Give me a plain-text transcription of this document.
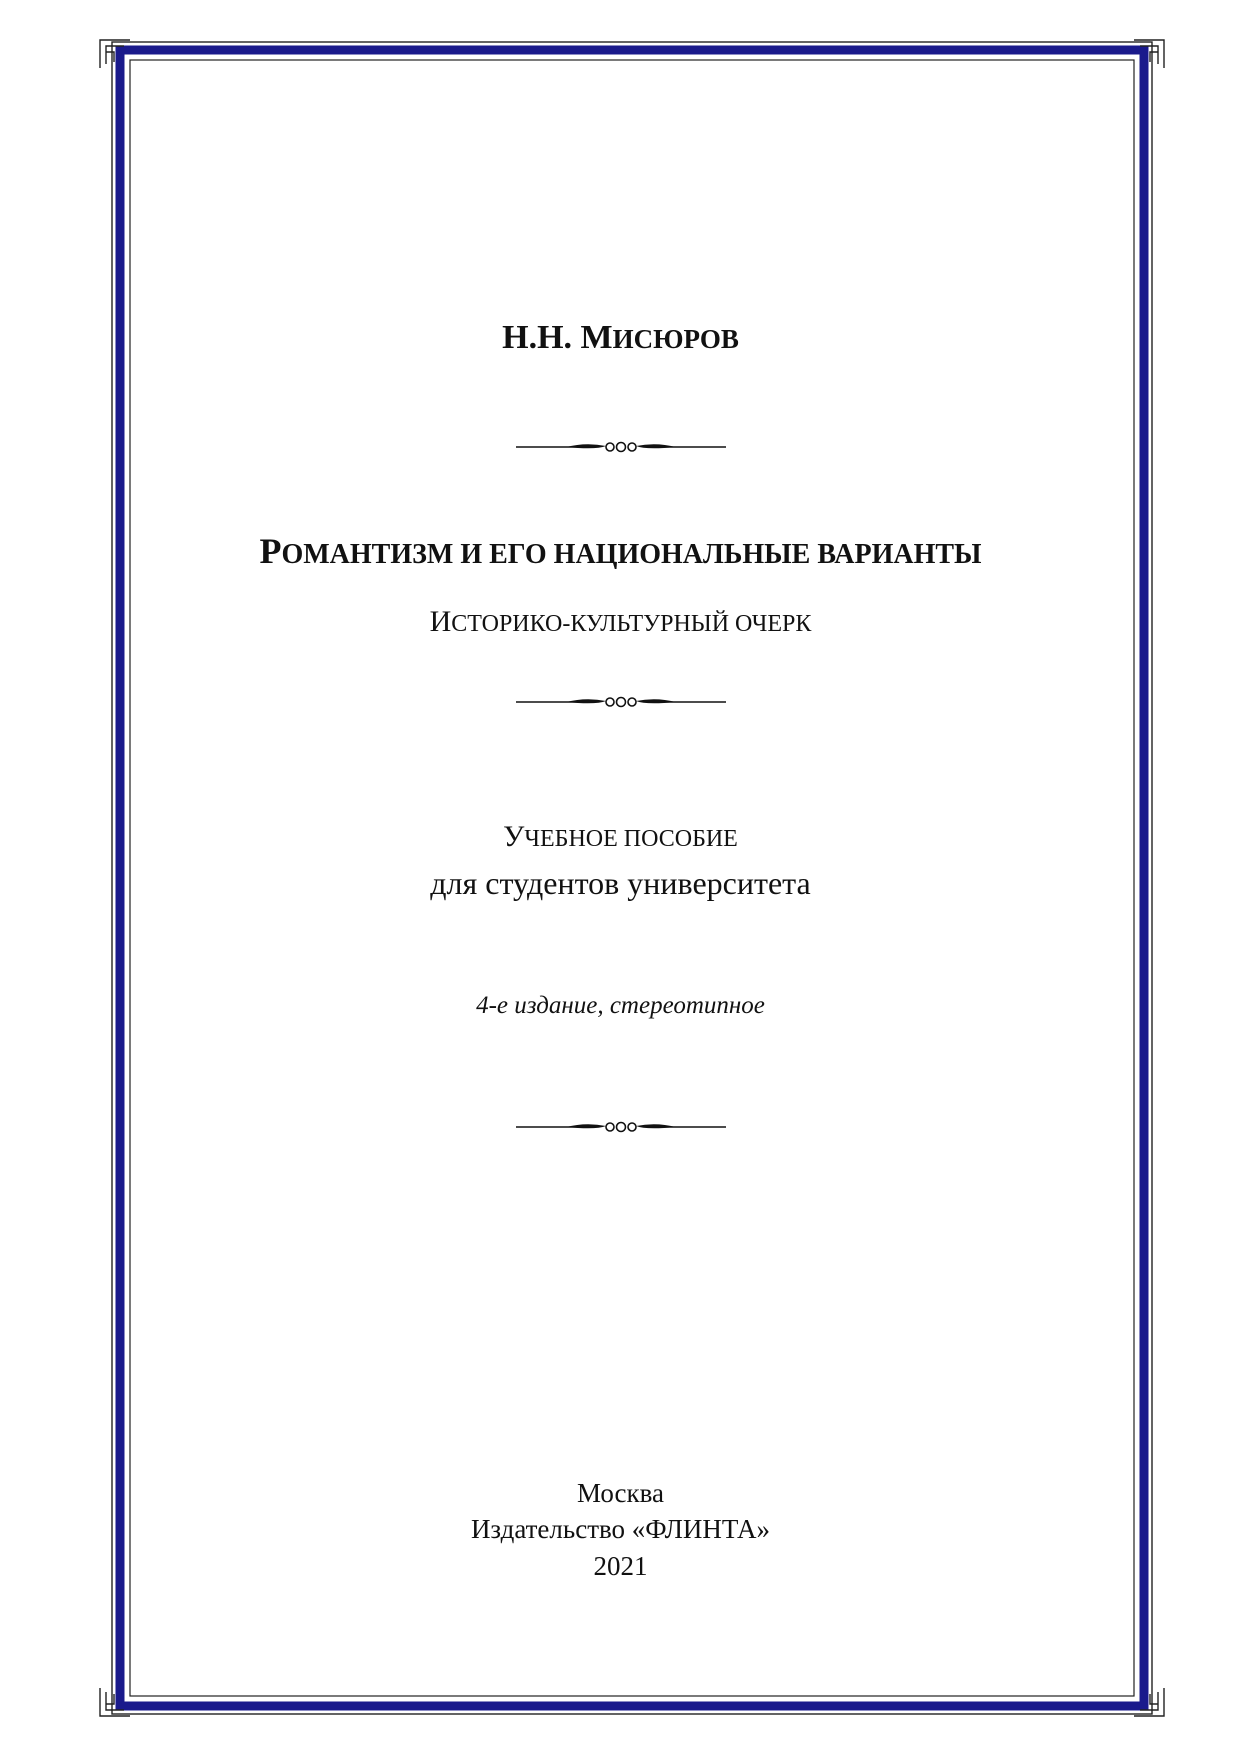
Н.Н. МИСЮРОВ
РОМАНТИЗМ И ЕГО НАЦИОНАЛЬНЫЕ ВАРИАНТЫ
ИСТОРИКО-КУЛЬТУРНЫЙ ОЧЕРК
УЧЕБНОЕ ПОСОБИЕ
для студентов университета
4-е издание, стереотипное
Москва
Издательство «ФЛИНТА»
2021
